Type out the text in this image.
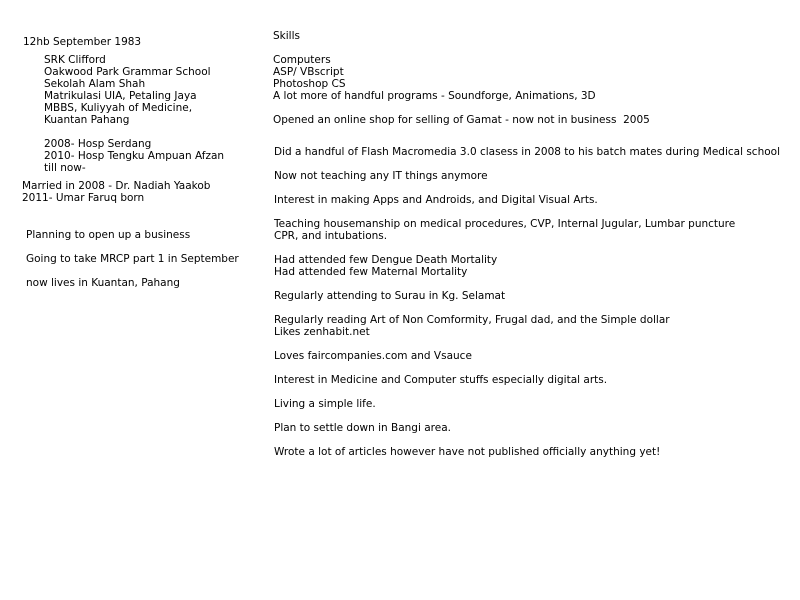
12hb September 1983
SRK Clifford
Oakwood Park Grammar School
Sekolah Alam Shah
Matrikulasi UIA, Petaling Jaya
MBBS, Kuliyyah of Medicine,
Kuantan Pahang
2008- Hosp Serdang
2010- Hosp Tengku Ampuan Afzan
till now-
Married in 2008 - Dr. Nadiah Yaakob
2011- Umar Faruq born
Planning to open up a business
Going to take MRCP part 1 in September
now lives in Kuantan, Pahang
Skills
Computers
ASP/ VBscript
Photoshop CS
A lot more of handful programs - Soundforge, Animations, 3D
Opened an online shop for selling of Gamat - now not in business  2005
Did a handful of Flash Macromedia 3.0 clasess in 2008 to his batch mates during Medical school
Now not teaching any IT things anymore
Interest in making Apps and Androids, and Digital Visual Arts.
Teaching housemanship on medical procedures, CVP, Internal Jugular, Lumbar puncture
CPR, and intubations.
Had attended few Dengue Death Mortality
Had attended few Maternal Mortality
Regularly attending to Surau in Kg. Selamat
Regularly reading Art of Non Comformity, Frugal dad, and the Simple dollar
Likes zenhabit.net
Loves faircompanies.com and Vsauce
Interest in Medicine and Computer stuffs especially digital arts.
Living a simple life.
Plan to settle down in Bangi area.
Wrote a lot of articles however have not published officially anything yet!
